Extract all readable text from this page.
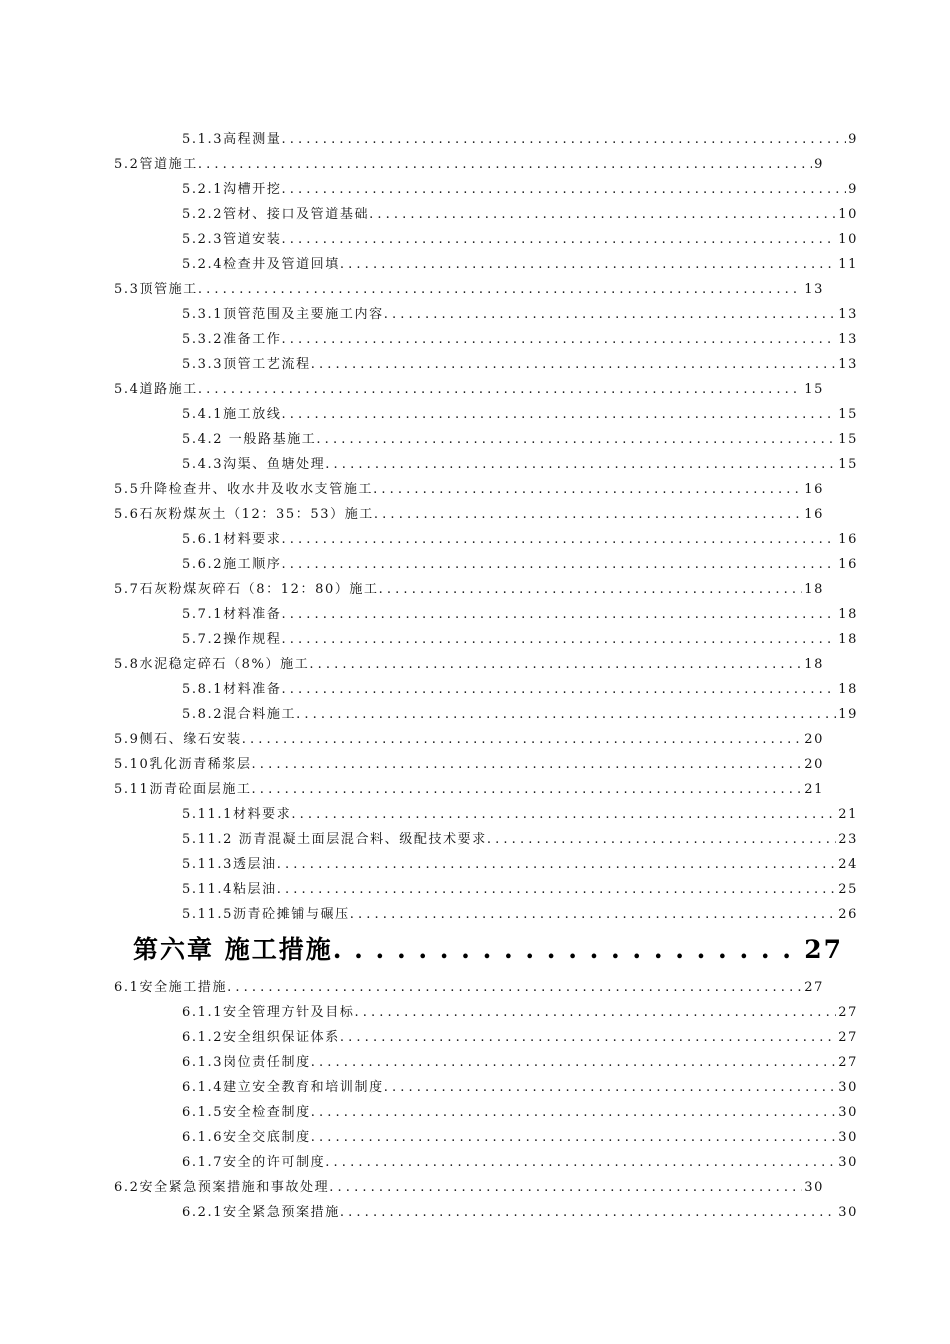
5.1.3高程测量 . . .	9
5.2管道施工 . . .	9
5.2.1沟槽开挖 . . .	9
5.2.2管材、接口及管道基础 . . .	10
5.2.3管道安装 . . .	10
5.2.4检查井及管道回填 . . .	11
5.3顶管施工 . . .	13
5.3.1顶管范围及主要施工内容 . . .	13
5.3.2准备工作 . . .	13
5.3.3顶管工艺流程 . . .	13
5.4道路施工 . . .	15
5.4.1施工放线 . . .	15
5.4.2 一般路基施工 . . .	15
5.4.3沟渠、鱼塘处理 . . .	15
5.5升降检查井、收水井及收水支管施工 . . .	16
5.6石灰粉煤灰土（12：35：53）施工 . . .	16
5.6.1材料要求 . . .	16
5.6.2施工顺序 . . .	16
5.7石灰粉煤灰碎石（8：12：80）施工 . . .	18
5.7.1材料准备 . . .	18
5.7.2操作规程 . . .	18
5.8水泥稳定碎石（8%）施工 . . .	18
5.8.1材料准备 . . .	18
5.8.2混合料施工 . . .	19
5.9侧石、缘石安装 . . .	20
5.10乳化沥青稀浆层 . . .	20
5.11沥青砼面层施工 . . .	21
5.11.1材料要求 . . .	21
5.11.2 沥青混凝土面层混合料、级配技术要求 . . .	23
5.11.3透层油 . . .	24
5.11.4粘层油 . . .	25
5.11.5沥青砼摊铺与碾压 . . .	26
第六章 施工措施 . . .	27
6.1安全施工措施 . . .	27
6.1.1安全管理方针及目标 . . .	27
6.1.2安全组织保证体系 . . .	27
6.1.3岗位责任制度 . . .	27
6.1.4建立安全教育和培训制度 . . .	30
6.1.5安全检查制度 . . .	30
6.1.6安全交底制度 . . .	30
6.1.7安全的许可制度 . . .	30
6.2安全紧急预案措施和事故处理 . . .	30
6.2.1安全紧急预案措施 . . .	30
